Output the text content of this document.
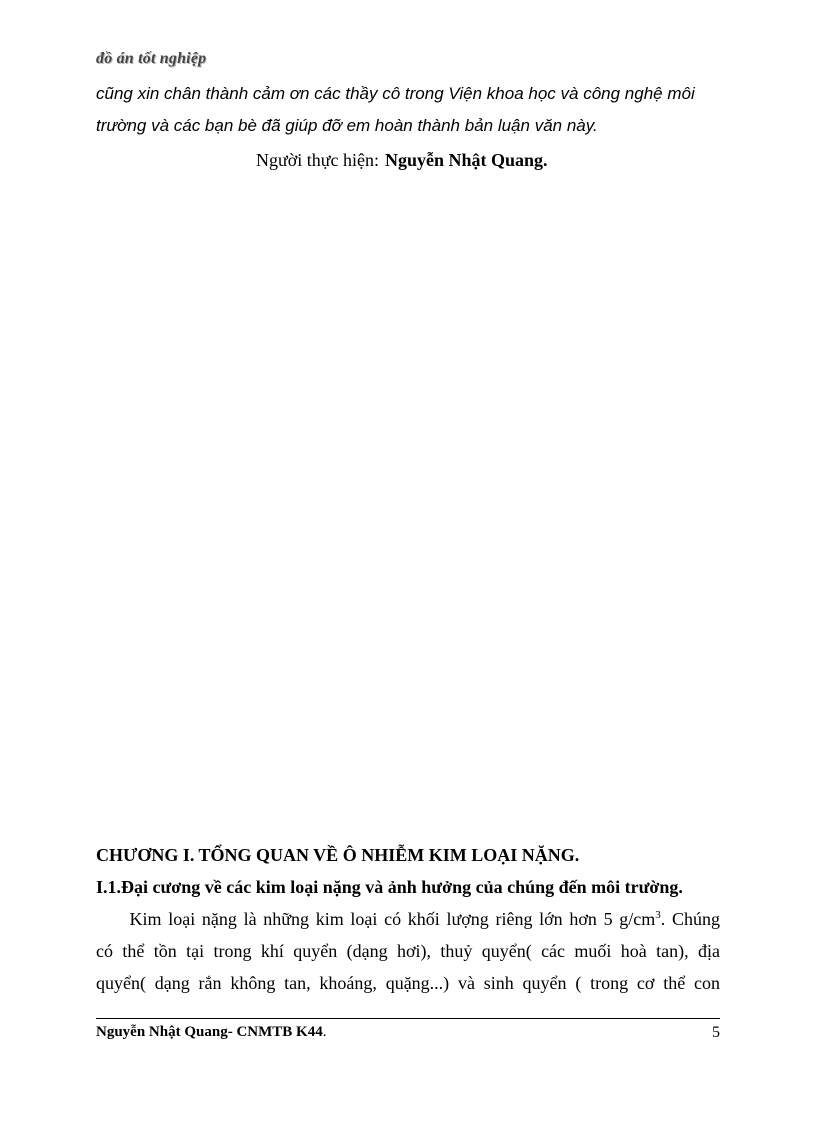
đồ án tốt nghiệp
cũng xin chân thành cảm ơn các thầy cô trong Viện khoa học và công nghệ môi
trường và các bạn bè đã giúp đỡ em hoàn thành bản luận văn này.
Người thực hiện: Nguyễn Nhật Quang.
CHƯƠNG I. TỔNG QUAN VỀ Ô NHIỄM KIM LOẠI NẶNG.
I.1.Đại cương về các kim loại nặng và ảnh hưởng của chúng đến môi trường.
Kim loại nặng là những kim loại có khối lượng riêng lớn hơn 5 $g/cm^3$. Chúng
có thể tồn tại trong khí quyển (dạng hơi), thuỷ quyển( các muối hoà tan), địa
quyển( dạng rắn không tan, khoáng, quặng...) và sinh quyển ( trong cơ thể con
Nguyễn Nhật Quang- CNMTB K44.	5
